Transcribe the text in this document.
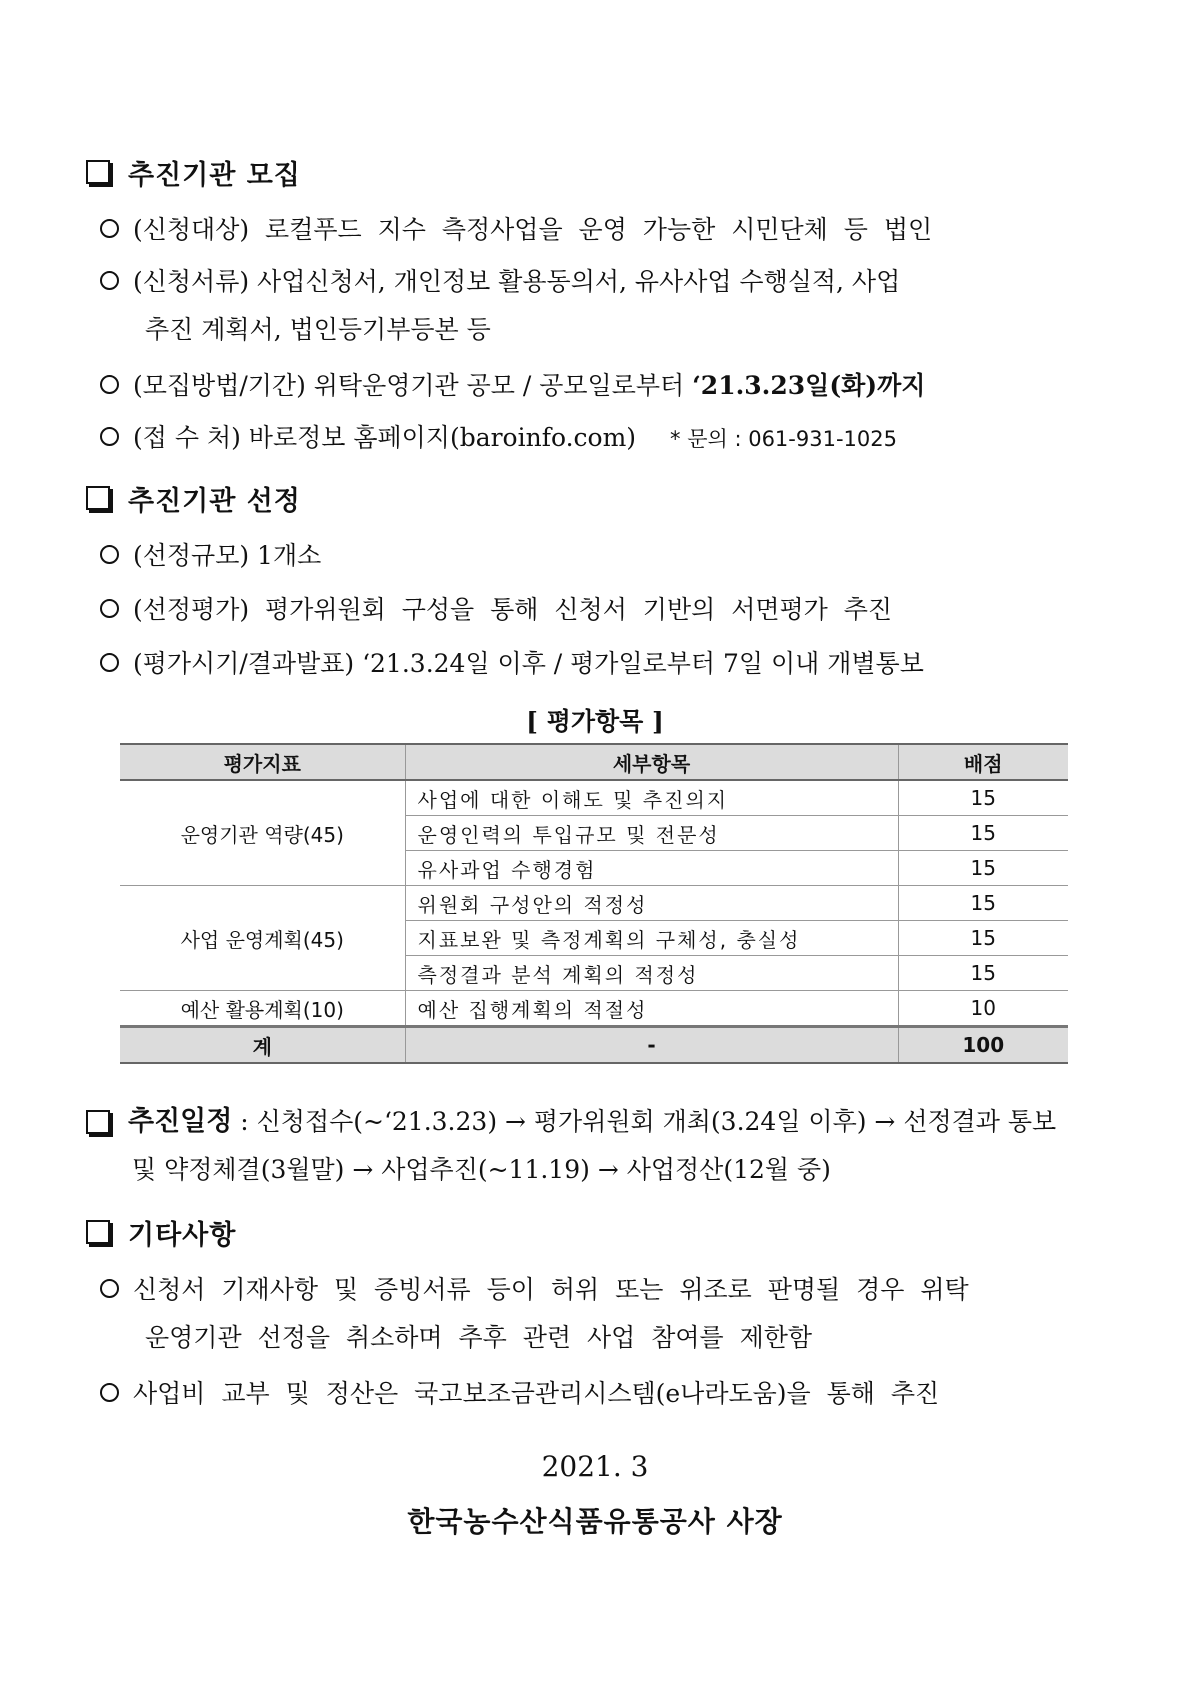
추진기관 모집
(신청대상) 로컬푸드 지수 측정사업을 운영 가능한 시민단체 등 법인
(신청서류) 사업신청서, 개인정보 활용동의서, 유사사업 수행실적, 사업
추진 계획서, 법인등기부등본 등
(모집방법/기간) 위탁운영기관 공모 / 공모일로부터 ‘21.3.23일(화)까지
(접 수 처) 바로정보 홈페이지(baroinfo.com) * 문의 : 061-931-1025
추진기관 선정
(선정규모) 1개소
(선정평가) 평가위원회 구성을 통해 신청서 기반의 서면평가 추진
(평가시기/결과발표) ‘21.3.24일 이후 / 평가일로부터 7일 이내 개별통보
[ 평가항목 ]
평가지표	세부항목	배점
운영기관 역량(45)	사업에 대한 이해도 및 추진의지	15
	운영인력의 투입규모 및 전문성	15
	유사과업 수행경험	15
사업 운영계획(45)	위원회 구성안의 적정성	15
	지표보완 및 측정계획의 구체성, 충실성	15
	측정결과 분석 계획의 적정성	15
예산 활용계획(10)	예산 집행계획의 적절성	10
계	-	100
추진일정 : 신청접수(~‘21.3.23) → 평가위원회 개최(3.24일 이후) → 선정결과 통보
및 약정체결(3월말) → 사업추진(~11.19) → 사업정산(12월 중)
기타사항
신청서 기재사항 및 증빙서류 등이 허위 또는 위조로 판명될 경우 위탁
운영기관 선정을 취소하며 추후 관련 사업 참여를 제한함
사업비 교부 및 정산은 국고보조금관리시스템(e나라도움)을 통해 추진
2021. 3
한국농수산식품유통공사 사장
